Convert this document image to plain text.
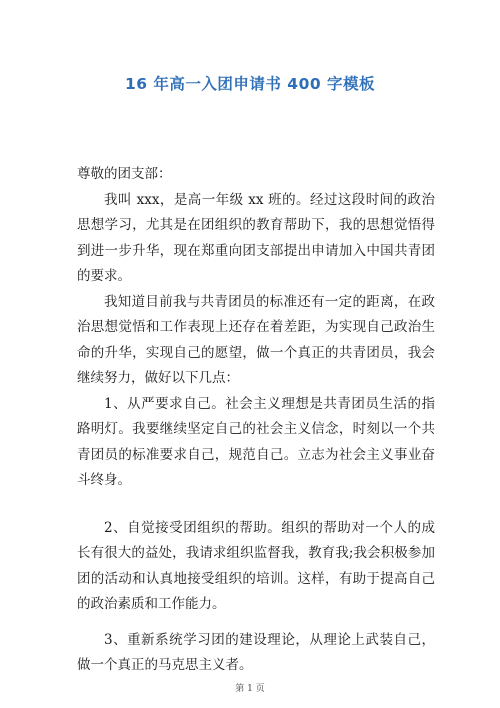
16 年高一入团申请书 400 字模板

尊敬的团支部：

我叫 xxx，是高一年级 xx 班的。经过这段时间的政治思想学习，尤其是在团组织的教育帮助下，我的思想觉悟得到进一步升华，现在郑重向团支部提出申请加入中国共青团的要求。

我知道目前我与共青团员的标准还有一定的距离，在政治思想觉悟和工作表现上还存在着差距，为实现自己政治生命的升华，实现自己的愿望，做一个真正的共青团员，我会继续努力，做好以下几点：

1、从严要求自己。社会主义理想是共青团员生活的指路明灯。我要继续坚定自己的社会主义信念，时刻以一个共青团员的标准要求自己，规范自己。立志为社会主义事业奋斗终身。

2、自觉接受团组织的帮助。组织的帮助对一个人的成长有很大的益处，我请求组织监督我，教育我;我会积极参加团的活动和认真地接受组织的培训。这样，有助于提高自己的政治素质和工作能力。

3、重新系统学习团的建设理论，从理论上武装自己，做一个真正的马克思主义者。

第 1 页
